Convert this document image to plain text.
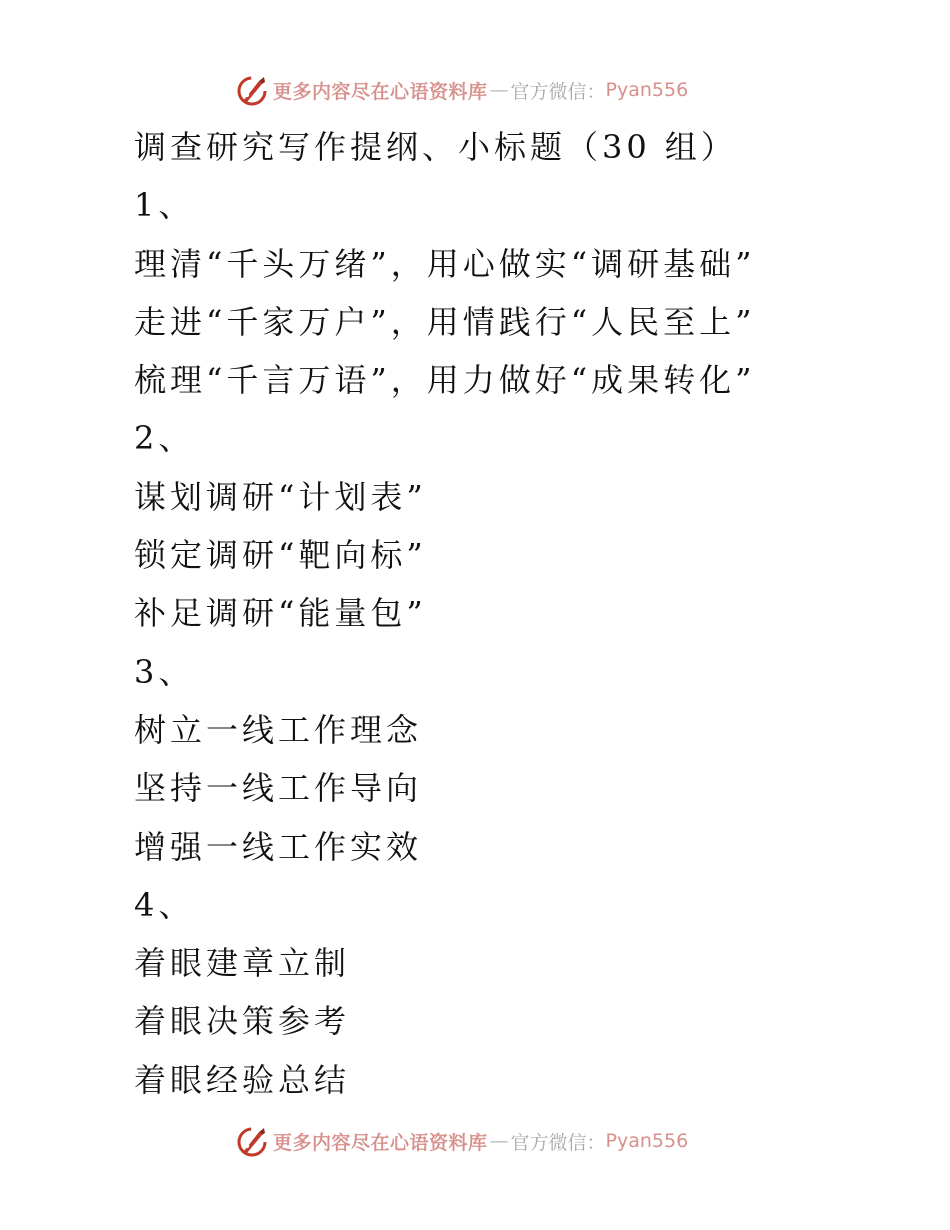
更多内容尽在心语资料库 — 官方微信： Pyan556
调查研究写作提纲、小标题（30 组）
1、
理清“千头万绪”，用心做实“调研基础”
走进“千家万户”，用情践行“人民至上”
梳理“千言万语”，用力做好“成果转化”
2、
谋划调研“计划表”
锁定调研“靶向标”
补足调研“能量包”
3、
树立一线工作理念
坚持一线工作导向
增强一线工作实效
4、
着眼建章立制
着眼决策参考
着眼经验总结
更多内容尽在心语资料库 — 官方微信： Pyan556
